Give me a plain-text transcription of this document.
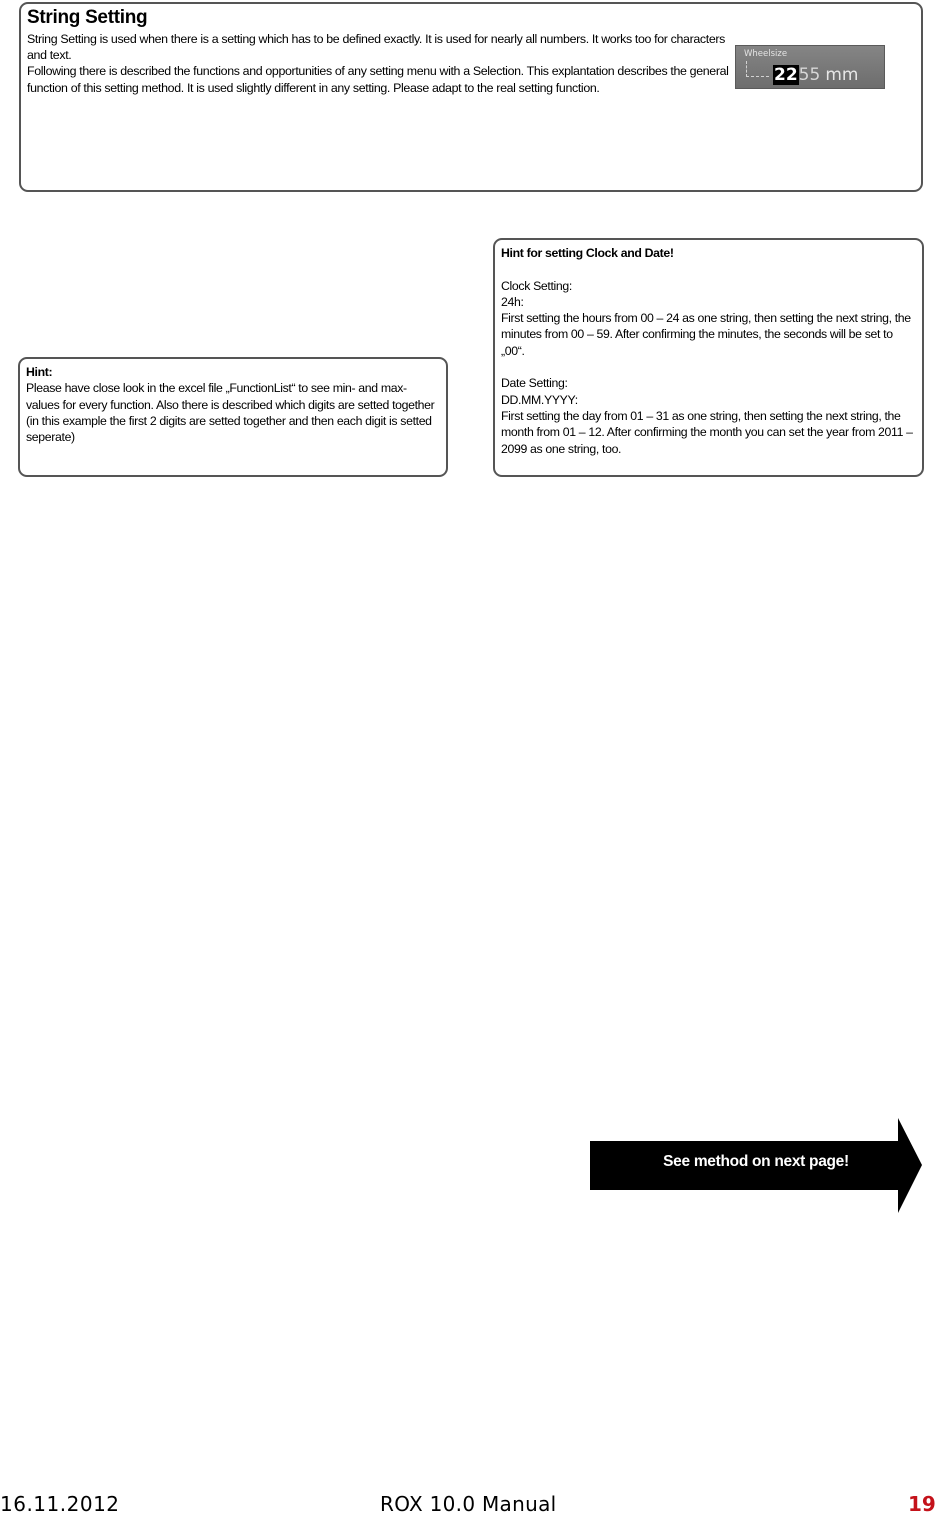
String Setting

String Setting is used when there is a setting which has to be defined exactly. It is used for nearly all numbers. It works too for characters and text.

Following there is described the functions and opportunities of any setting menu with a Selection. This explantation describes the general function of this setting method. It is used slightly different in any setting. Please adapt to the real setting function.

Wheelsize
2255 mm

Hint:

Please have close look in the excel file „FunctionList“ to see min- and max-values for every function. Also there is described which digits are setted together (in this example the first 2 digits are setted together and then each digit is setted seperate)

Hint for setting Clock and Date!

Clock Setting:

24h:

First setting the hours from 00 – 24 as one string, then setting the next string, the minutes from 00 – 59. After confirming the minutes, the seconds will be set to „00“.

Date Setting:

DD.MM.YYYY:

First setting the day from 01 – 31 as one string, then setting the next string, the month from 01 – 12. After confirming the month you can set the year from 2011 – 2099 as one string, too.

See method on next page!
16.11.2012	ROX 10.0 Manual	19
